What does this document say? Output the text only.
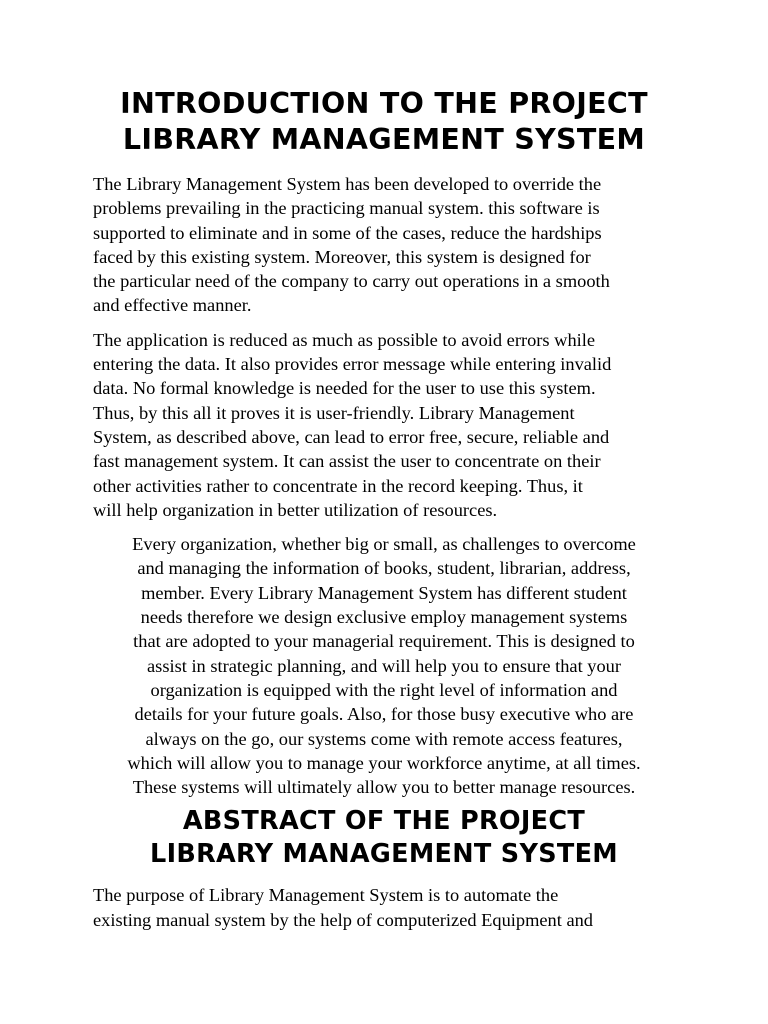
INTRODUCTION TO THE PROJECT
LIBRARY MANAGEMENT SYSTEM

The Library Management System has been developed to override the
problems prevailing in the practicing manual system. this software is
supported to eliminate and in some of the cases, reduce the hardships
faced by this existing system. Moreover, this system is designed for
the particular need of the company to carry out operations in a smooth
and effective manner.

The application is reduced as much as possible to avoid errors while
entering the data. It also provides error message while entering invalid
data. No formal knowledge is needed for the user to use this system.
Thus, by this all it proves it is user-friendly. Library Management
System, as described above, can lead to error free, secure, reliable and
fast management system. It can assist the user to concentrate on their
other activities rather to concentrate in the record keeping. Thus, it
will help organization in better utilization of resources.

Every organization, whether big or small, as challenges to overcome
and managing the information of books, student, librarian, address,
member. Every Library Management System has different student
needs therefore we design exclusive employ management systems
that are adopted to your managerial requirement. This is designed to
assist in strategic planning, and will help you to ensure that your
organization is equipped with the right level of information and
details for your future goals. Also, for those busy executive who are
always on the go, our systems come with remote access features,
which will allow you to manage your workforce anytime, at all times.
These systems will ultimately allow you to better manage resources.

ABSTRACT OF THE PROJECT
LIBRARY MANAGEMENT SYSTEM

The purpose of Library Management System is to automate the
existing manual system by the help of computerized Equipment and
